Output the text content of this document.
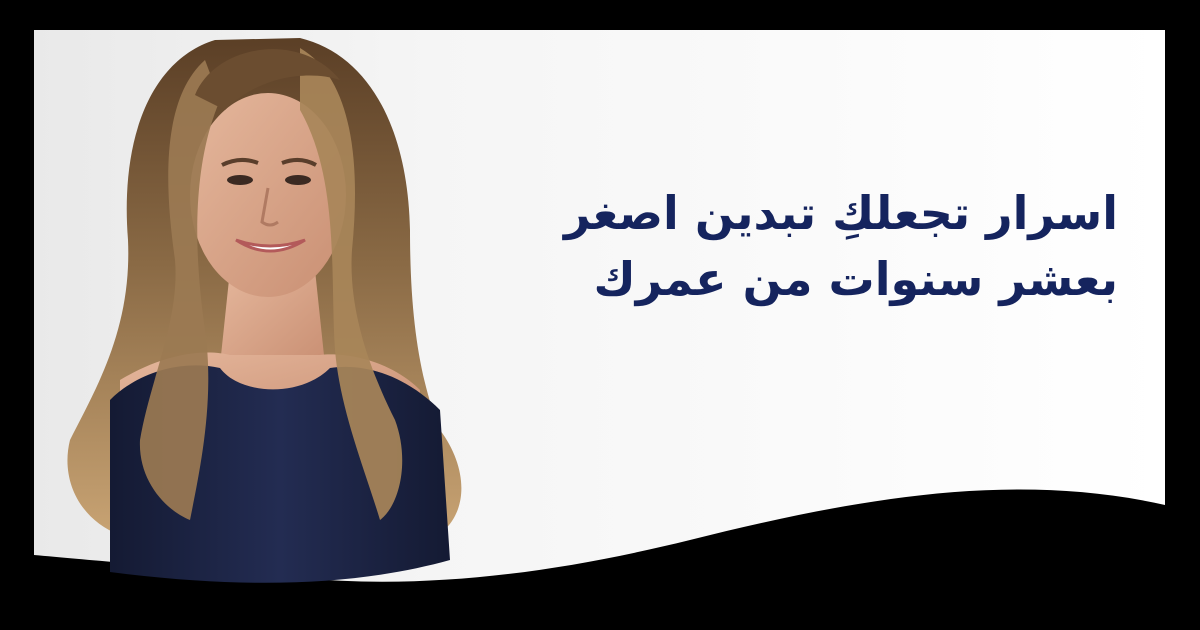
اسرار تجعلكِ تبدين اصغر
بعشر سنوات من عمرك
